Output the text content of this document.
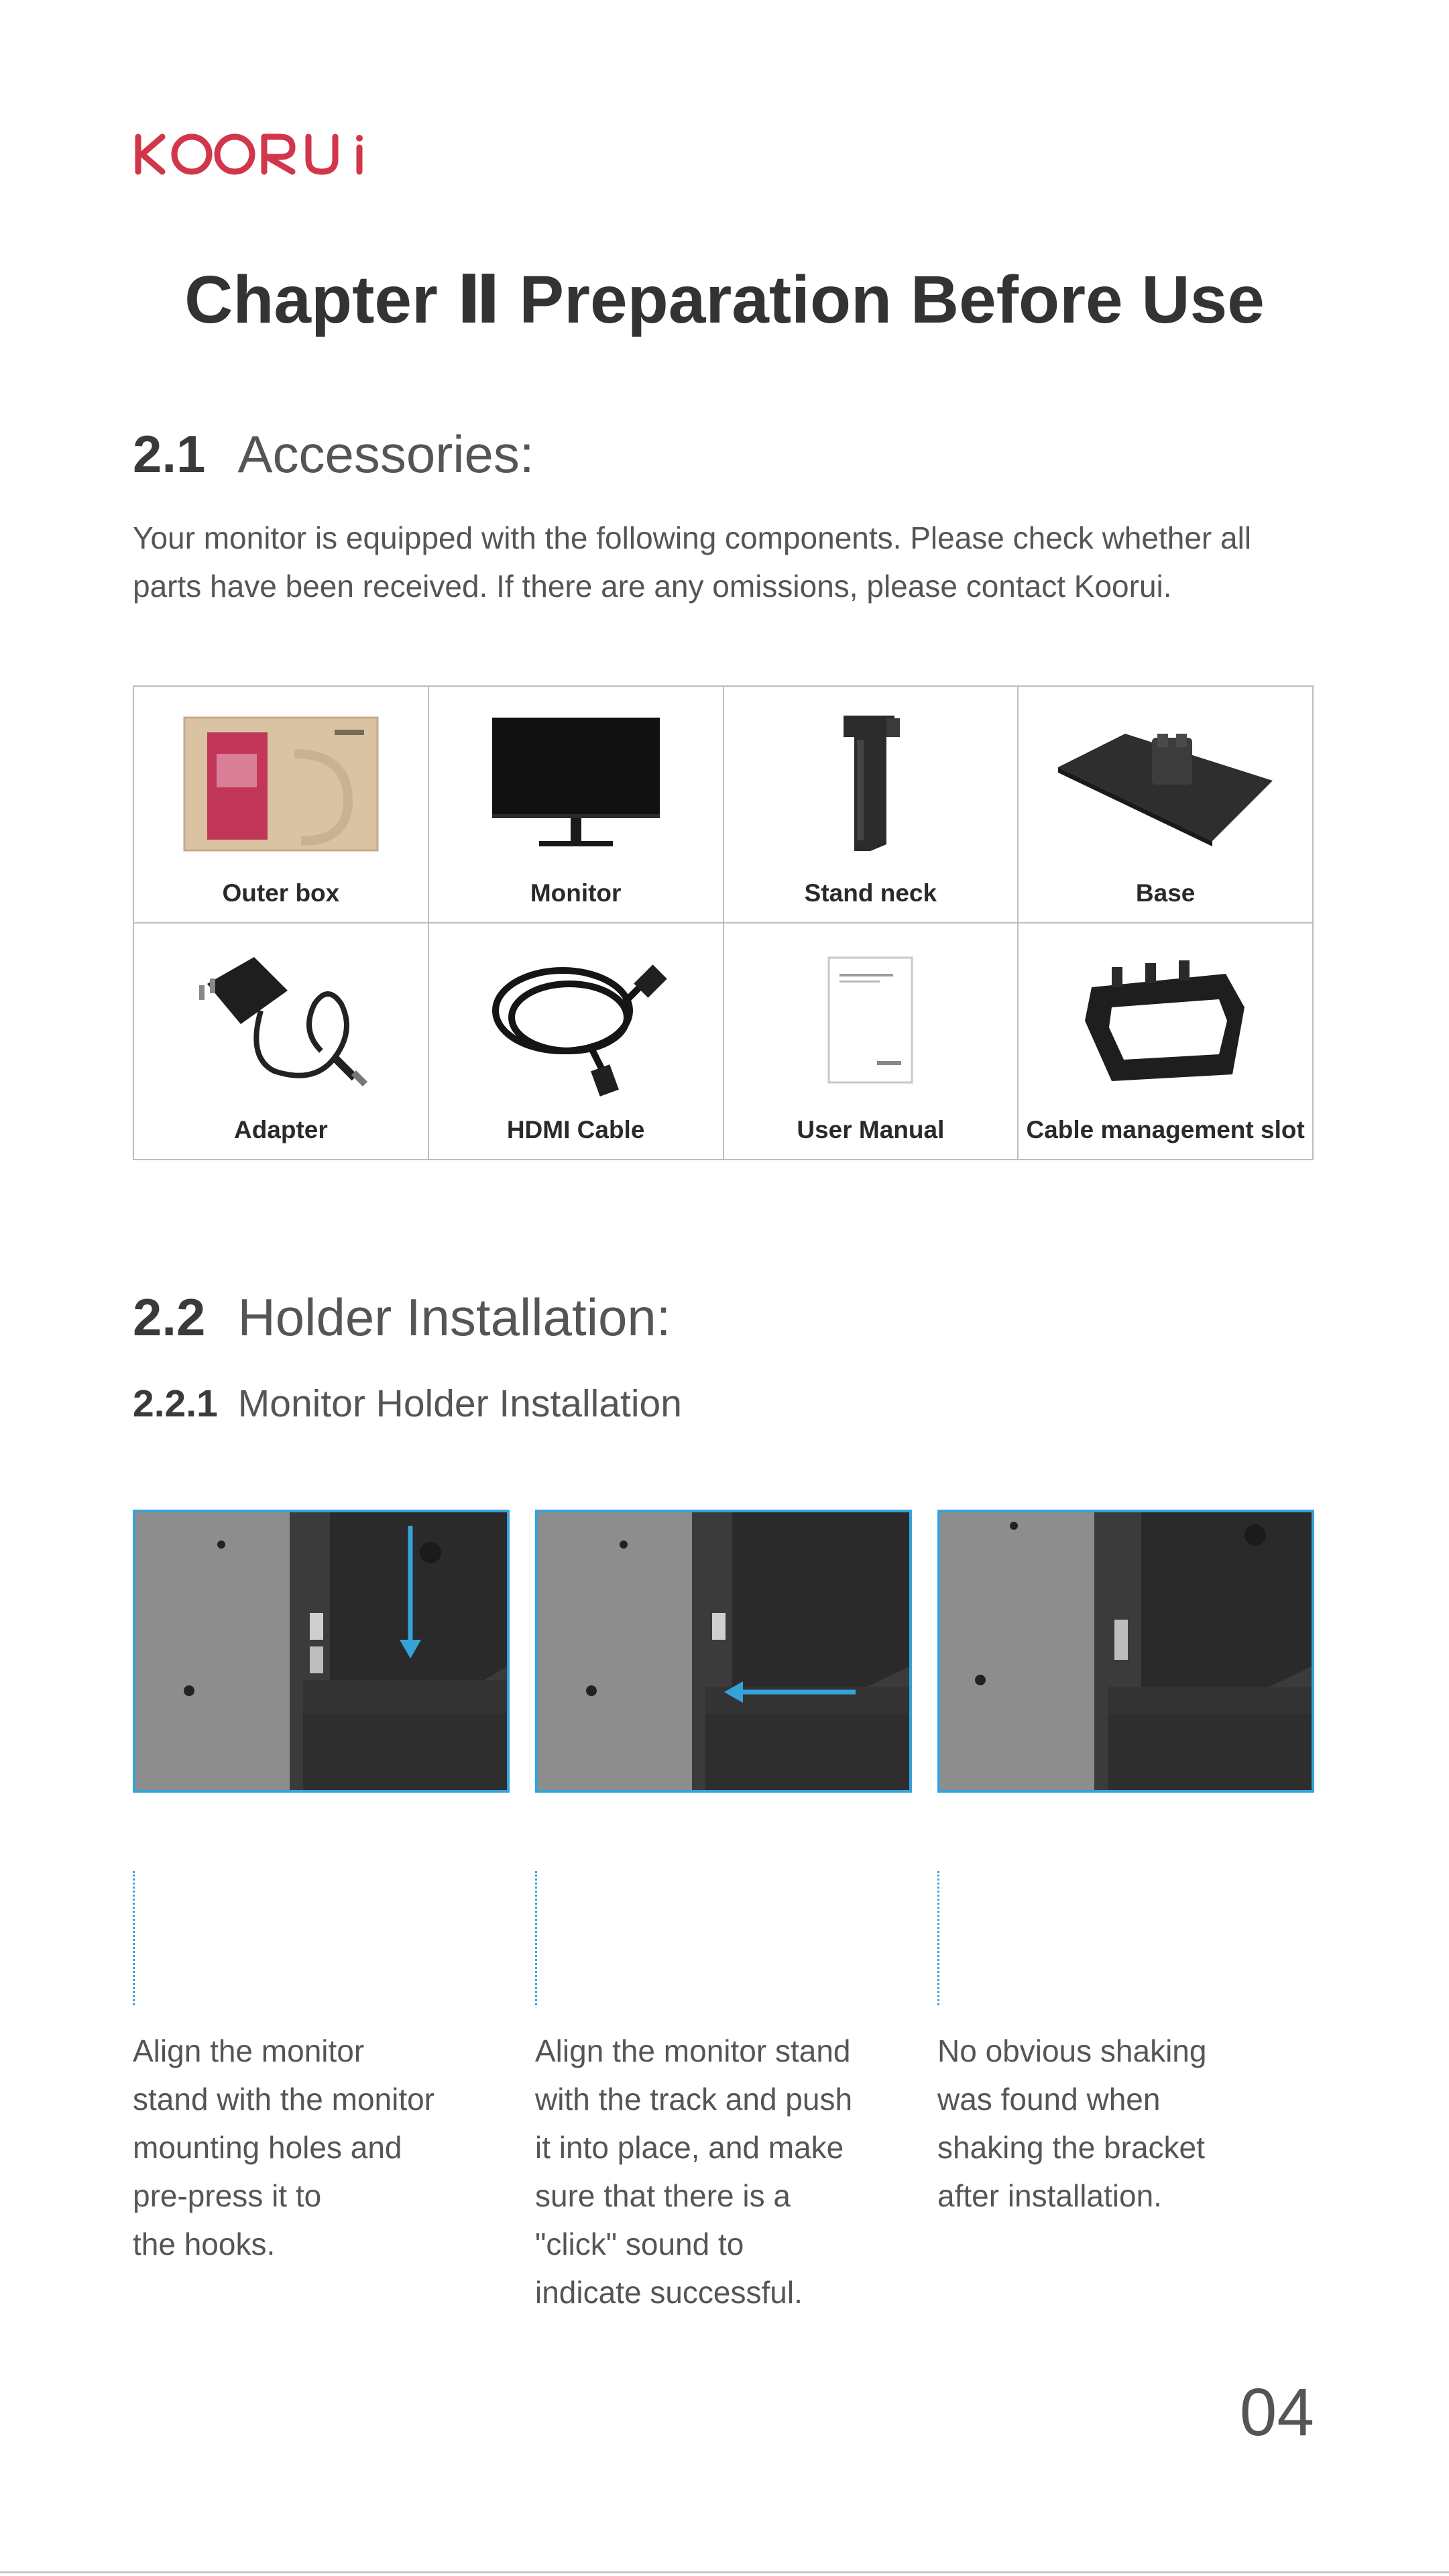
Chapter Ⅱ Preparation Before Use
2.1 Accessories:
Your monitor is equipped with the following components. Please check whether all
parts have been received. If there are any omissions, please contact Koorui.
Outer box	Monitor	Stand neck	Base
Adapter	HDMI Cable	User Manual	Cable management slot
2.2 Holder Installation:
2.2.1 Monitor Holder Installation
Align the monitor
stand with the monitor
mounting holes and
pre-press it to
the hooks.
Align the monitor stand
with the track and push
it into place, and make
sure that there is a
"click" sound to
indicate successful.
No obvious shaking
was found when
shaking the bracket
after installation.
04
